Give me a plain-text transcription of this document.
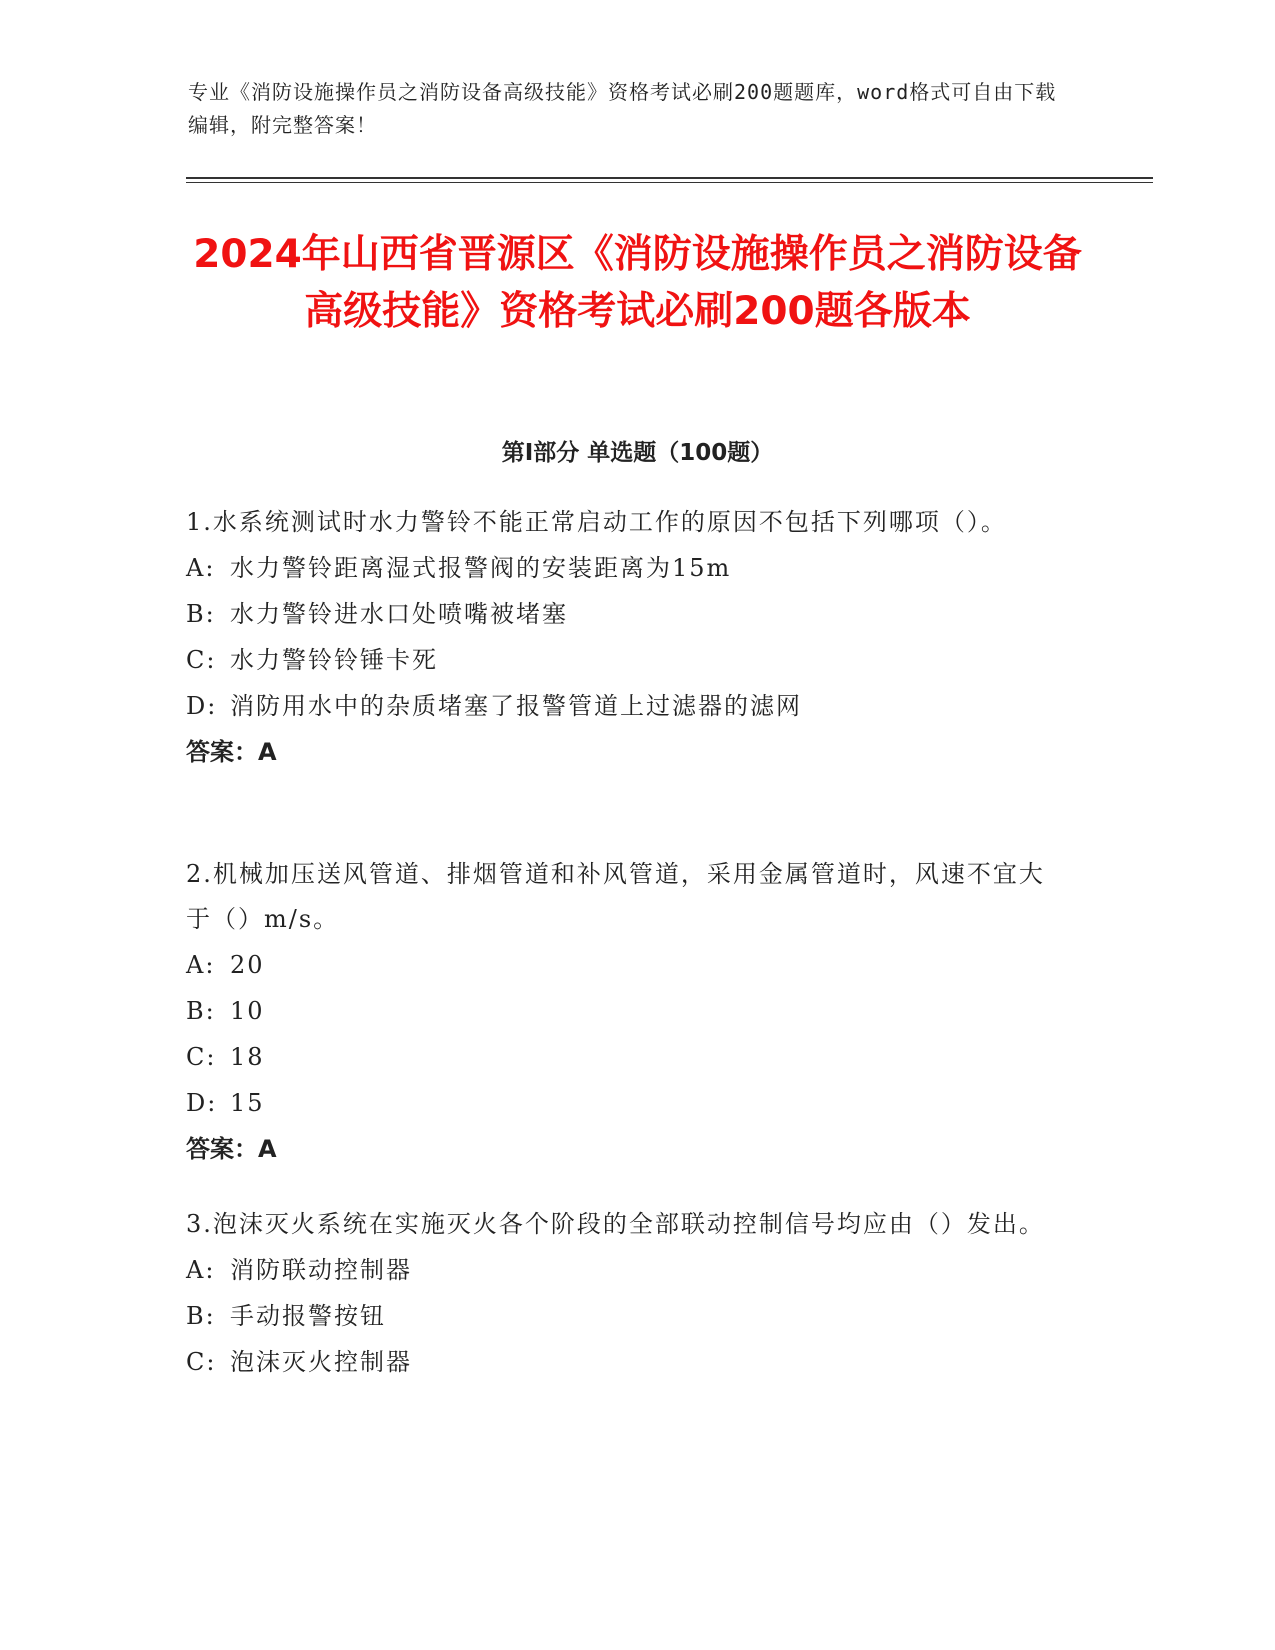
专业《消防设施操作员之消防设备高级技能》资格考试必刷200题题库，word格式可自由下载编辑，附完整答案！

2024年山西省晋源区《消防设施操作员之消防设备高级技能》资格考试必刷200题各版本
第Ⅰ部分 单选题（100题）

1.水系统测试时水力警铃不能正常启动工作的原因不包括下列哪项（）。

A: 水力警铃距离湿式报警阀的安装距离为15m

B: 水力警铃进水口处喷嘴被堵塞

C: 水力警铃铃锤卡死

D: 消防用水中的杂质堵塞了报警管道上过滤器的滤网

答案：A

2.机械加压送风管道、排烟管道和补风管道，采用金属管道时，风速不宜大于（）m/s。

A: 20

B: 10

C: 18

D: 15

答案：A

3.泡沫灭火系统在实施灭火各个阶段的全部联动控制信号均应由（）发出。

A: 消防联动控制器

B: 手动报警按钮

C: 泡沫灭火控制器
